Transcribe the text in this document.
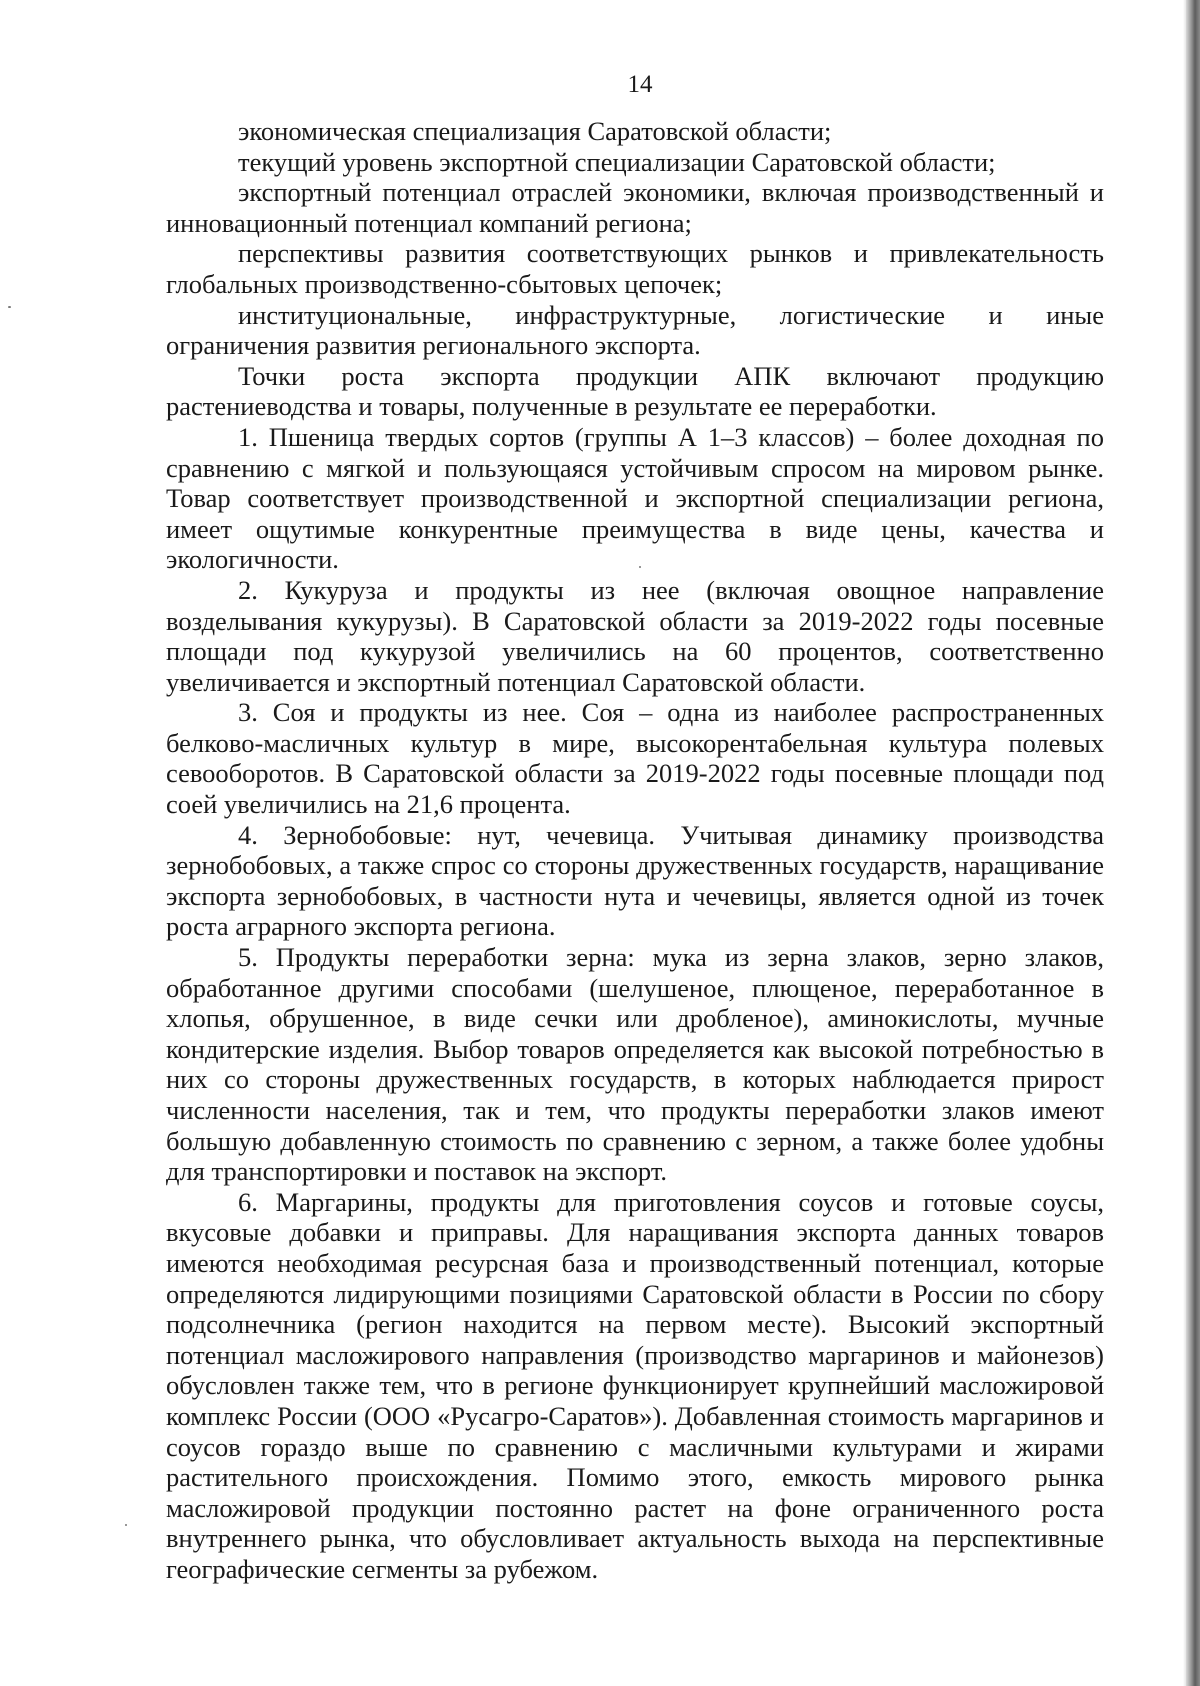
14

экономическая специализация Саратовской области;

текущий уровень экспортной специализации Саратовской области;

экспортный потенциал отраслей экономики, включая производственный и инновационный потенциал компаний региона;

перспективы развития соответствующих рынков и привлекательность глобальных производственно-сбытовых цепочек;

институциональные, инфраструктурные, логистические и иные ограничения развития регионального экспорта.

Точки роста экспорта продукции АПК включают продукцию растениеводства и товары, полученные в результате ее переработки.

1. Пшеница твердых сортов (группы А 1–3 классов) – более доходная по сравнению с мягкой и пользующаяся устойчивым спросом на мировом рынке. Товар соответствует производственной и экспортной специализации региона, имеет ощутимые конкурентные преимущества в виде цены, качества и экологичности.

2. Кукуруза и продукты из нее (включая овощное направление возделывания кукурузы). В Саратовской области за 2019-2022 годы посевные площади под кукурузой увеличились на 60 процентов, соответственно увеличивается и экспортный потенциал Саратовской области.

3. Соя и продукты из нее. Соя – одна из наиболее распространенных белково-масличных культур в мире, высокорентабельная культура полевых севооборотов. В Саратовской области за 2019-2022 годы посевные площади под соей увеличились на 21,6 процента.

4. Зернобобовые: нут, чечевица. Учитывая динамику производства зернобобовых, а также спрос со стороны дружественных государств, наращивание экспорта зернобобовых, в частности нута и чечевицы, является одной из точек роста аграрного экспорта региона.

5. Продукты переработки зерна: мука из зерна злаков, зерно злаков, обработанное другими способами (шелушеное, плющеное, переработанное в хлопья, обрушенное, в виде сечки или дробленое), аминокислоты, мучные кондитерские изделия. Выбор товаров определяется как высокой потребностью в них со стороны дружественных государств, в которых наблюдается прирост численности населения, так и тем, что продукты переработки злаков имеют большую добавленную стоимость по сравнению с зерном, а также более удобны для транспортировки и поставок на экспорт.

6. Маргарины, продукты для приготовления соусов и готовые соусы, вкусовые добавки и приправы. Для наращивания экспорта данных товаров имеются необходимая ресурсная база и производственный потенциал, которые определяются лидирующими позициями Саратовской области в России по сбору подсолнечника (регион находится на первом месте). Высокий экспортный потенциал масложирового направления (производство маргаринов и майонезов) обусловлен также тем, что в регионе функционирует крупнейший масложировой комплекс России (ООО «Русагро-Саратов»). Добавленная стоимость маргаринов и соусов гораздо выше по сравнению с масличными культурами и жирами растительного происхождения. Помимо этого, емкость мирового рынка масложировой продукции постоянно растет на фоне ограниченного роста внутреннего рынка, что обусловливает актуальность выхода на перспективные географические сегменты за рубежом.
